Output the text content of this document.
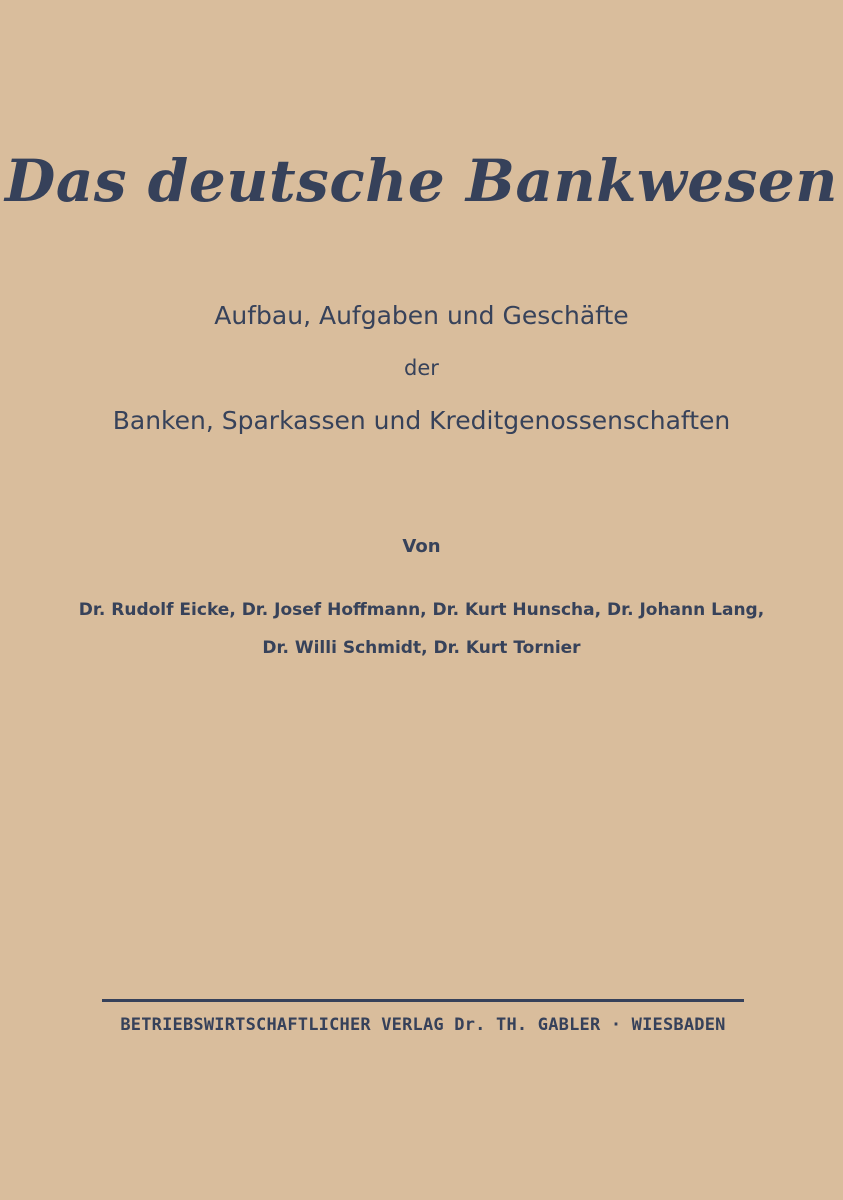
Das deutsche Bankwesen
Aufbau, Aufgaben und Geschäfte
der
Banken, Sparkassen und Kreditgenossenschaften
Von
Dr. Rudolf Eicke, Dr. Josef Hoffmann, Dr. Kurt Hunscha, Dr. Johann Lang,
Dr. Willi Schmidt, Dr. Kurt Tornier
BETRIEBSWIRTSCHAFTLICHER VERLAG Dr. TH. GABLER · WIESBADEN
